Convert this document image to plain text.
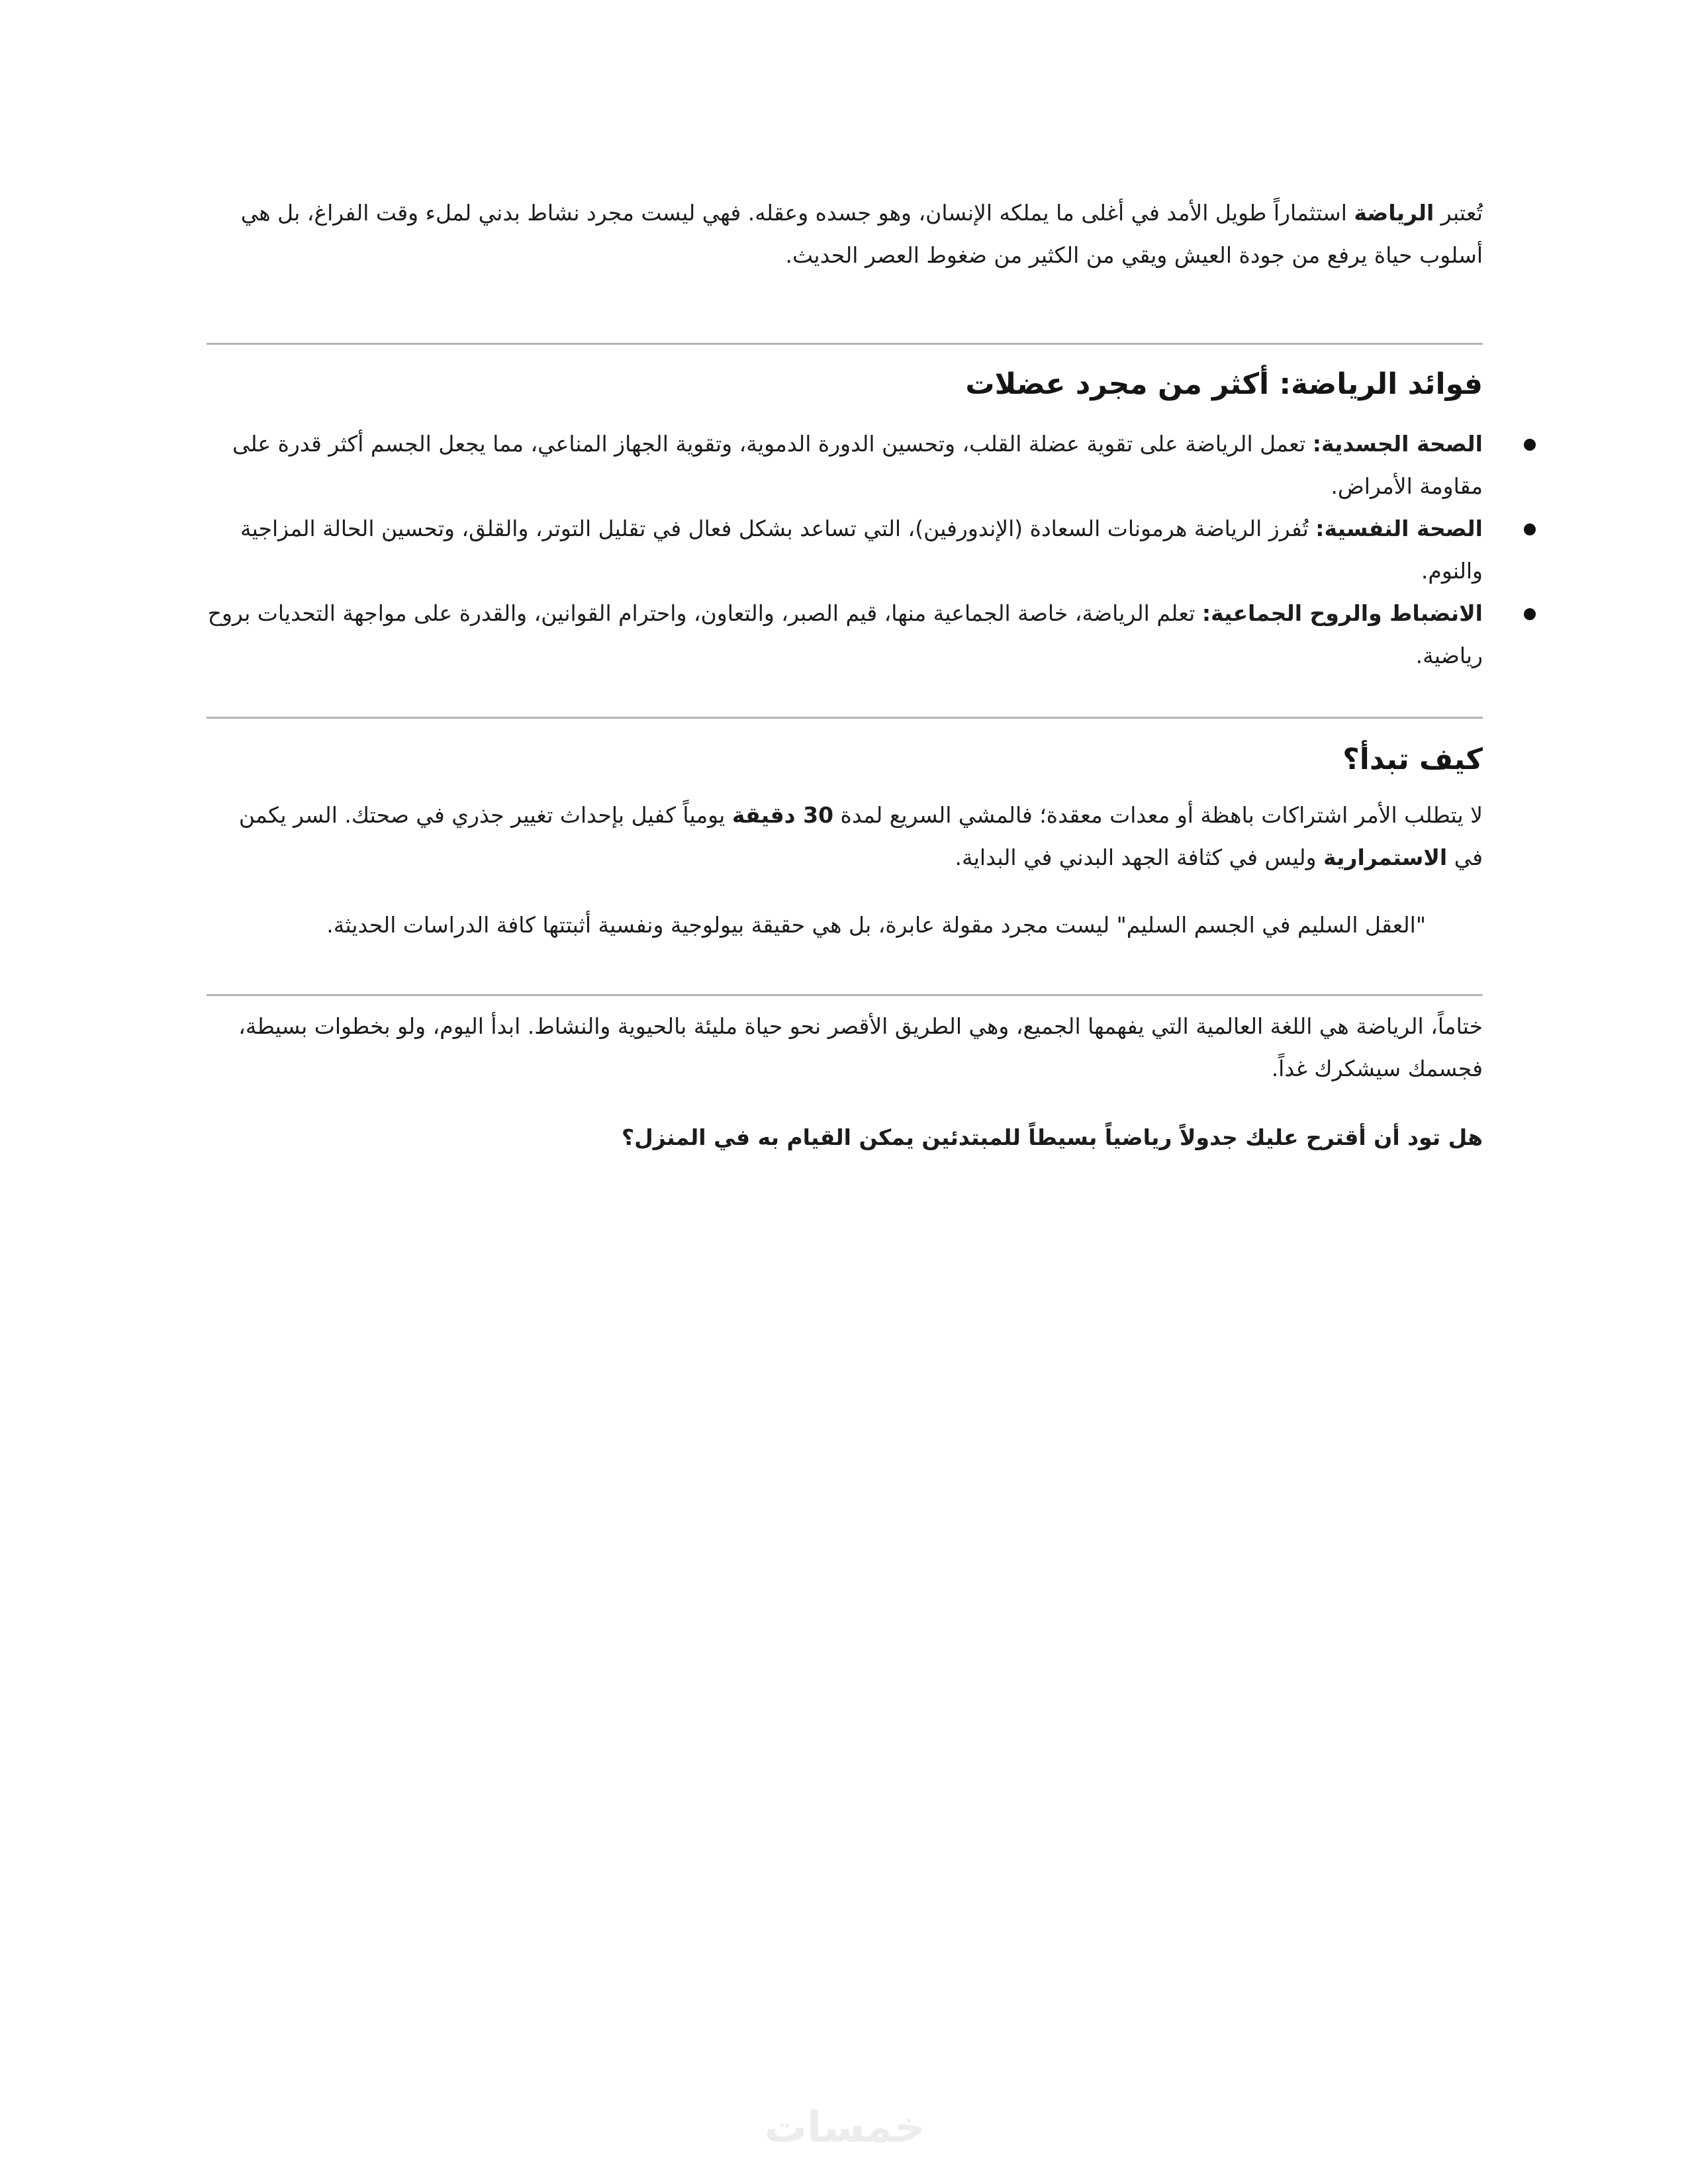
تُعتبر الرياضة استثماراً طويل الأمد في أغلى ما يملكه الإنسان، وهو جسده وعقله. فهي ليست مجرد نشاط بدني لملء وقت الفراغ، بل هي أسلوب حياة يرفع من جودة العيش ويقي من الكثير من ضغوط العصر الحديث.

فوائد الرياضة: أكثر من مجرد عضلات
الصحة الجسدية: تعمل الرياضة على تقوية عضلة القلب، وتحسين الدورة الدموية، وتقوية الجهاز المناعي، مما يجعل الجسم أكثر قدرة على مقاومة الأمراض.
الصحة النفسية: تُفرز الرياضة هرمونات السعادة (الإندورفين)، التي تساعد بشكل فعال في تقليل التوتر، والقلق، وتحسين الحالة المزاجية والنوم.
الانضباط والروح الجماعية: تعلم الرياضة، خاصة الجماعية منها، قيم الصبر، والتعاون، واحترام القوانين، والقدرة على مواجهة التحديات بروح رياضية.
كيف تبدأ؟

لا يتطلب الأمر اشتراكات باهظة أو معدات معقدة؛ فالمشي السريع لمدة 30 دقيقة يومياً كفيل بإحداث تغيير جذري في صحتك. السر يكمن في الاستمرارية وليس في كثافة الجهد البدني في البداية.

"العقل السليم في الجسم السليم" ليست مجرد مقولة عابرة، بل هي حقيقة بيولوجية ونفسية أثبتتها كافة الدراسات الحديثة.

ختاماً، الرياضة هي اللغة العالمية التي يفهمها الجميع، وهي الطريق الأقصر نحو حياة مليئة بالحيوية والنشاط. ابدأ اليوم، ولو بخطوات بسيطة، فجسمك سيشكرك غداً.

هل تود أن أقترح عليك جدولاً رياضياً بسيطاً للمبتدئين يمكن القيام به في المنزل؟

خمسات
